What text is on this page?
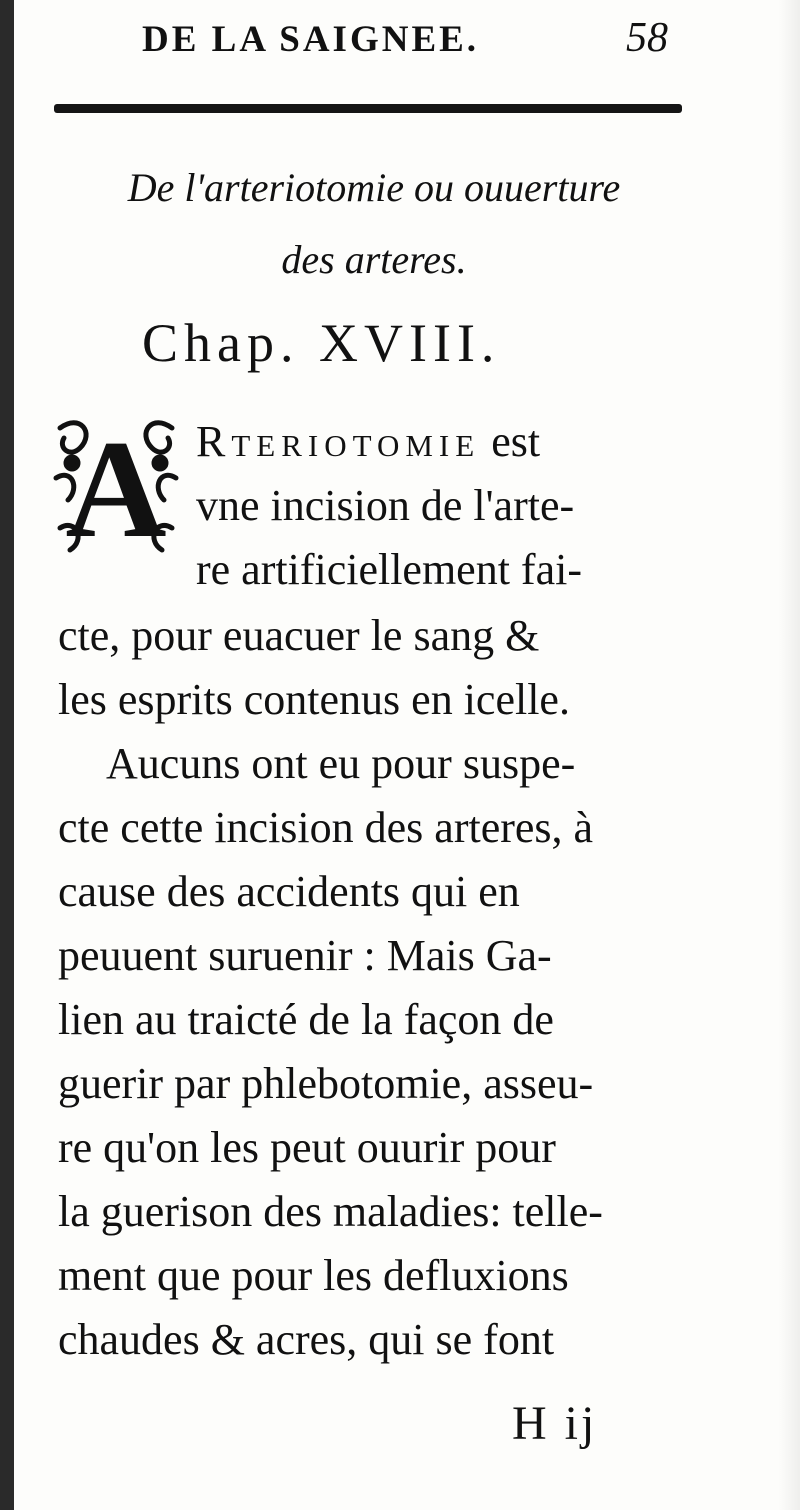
DE LA SAIGNEE.	58
De l'arteriotomie ou ouuerture
des arteres.
Chap. XVIII.
A Rteriotomie est
vne incision de l'arte-
re artificiellement fai-
cte, pour euacuer le sang &
les esprits contenus en icelle.
Aucuns ont eu pour suspe-
cte cette incision des arteres, à
cause des accidents qui en
peuuent suruenir : Mais Ga-
lien au traicté de la façon de
guerir par phlebotomie, asseu-
re qu'on les peut ouurir pour
la guerison des maladies: telle-
ment que pour les defluxions
chaudes & acres, qui se font
H ij
